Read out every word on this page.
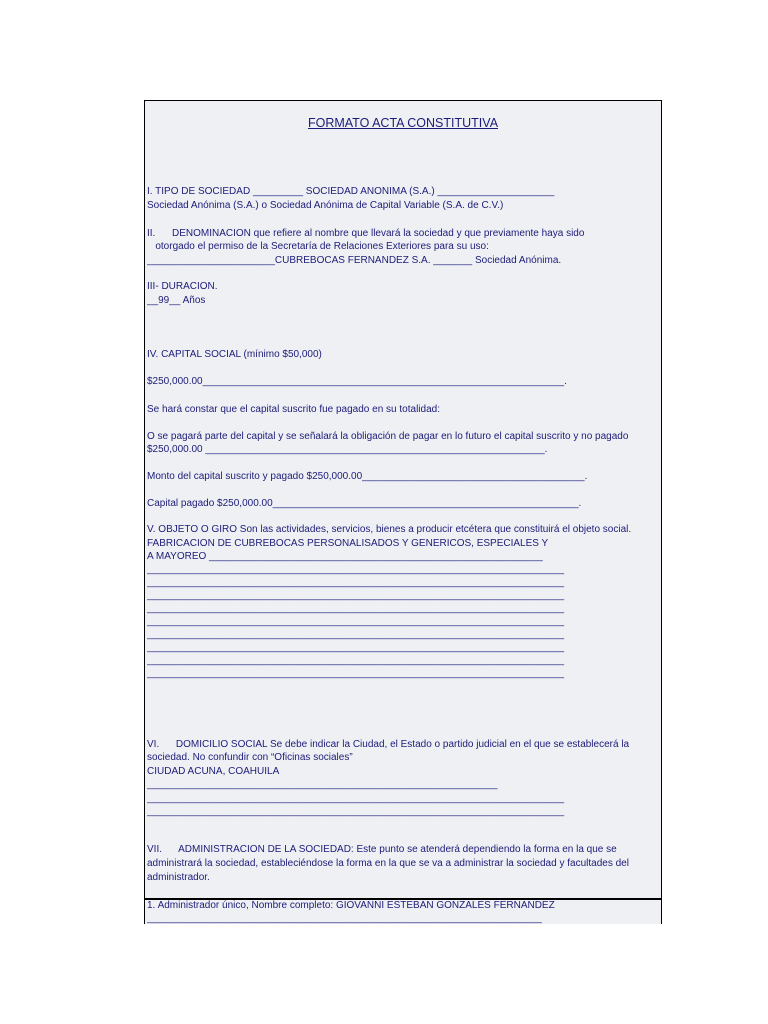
FORMATO ACTA CONSTITUTIVA
I. TIPO DE SOCIEDAD _________ SOCIEDAD ANONIMA (S.A.) _____________________
Sociedad Anónima (S.A.) o Sociedad Anónima de Capital Variable (S.A. de C.V.)
II.      DENOMINACION que refiere al nombre que llevará la sociedad y que previamente haya sido
otorgado el permiso de la Secretaría de Relaciones Exteriores para su uso:
_______________________CUBREBOCAS FERNANDEZ S.A. _______ Sociedad Anónima.
III- DURACION.
__99__ Años
IV. CAPITAL SOCIAL (mínimo $50,000)
$250,000.00_________________________________________________________________.
Se hará constar que el capital suscrito fue pagado en su totalidad:
O se pagará parte del capital y se señalará la obligación de pagar en lo futuro el capital suscrito y no pagado
$250,000.00 _____________________________________________________________.
Monto del capital suscrito y pagado $250,000.00________________________________________.
Capital pagado $250,000.00_______________________________________________________.
V. OBJETO O GIRO Son las actividades, servicios, bienes a producir etcétera que constituirá el objeto social.
FABRICACION DE CUBREBOCAS PERSONALISADOS Y GENERICOS, ESPECIALES Y
A MAYOREO ____________________________________________________________
___________________________________________________________________________
___________________________________________________________________________
___________________________________________________________________________
___________________________________________________________________________
___________________________________________________________________________
___________________________________________________________________________
___________________________________________________________________________
___________________________________________________________________________
___________________________________________________________________________
VI.      DOMICILIO SOCIAL Se debe indicar la Ciudad, el Estado o partido judicial en el que se establecerá la
sociedad. No confundir con “Oficinas sociales”
CIUDAD ACUÑA, COAHUILA
_______________________________________________________________
___________________________________________________________________________
___________________________________________________________________________
VII.      ADMINISTRACION DE LA SOCIEDAD: Este punto se atenderá dependiendo la forma en la que se
administrará la sociedad, estableciéndose la forma en la que se va a administrar la sociedad y facultades del
administrador.
1. Administrador único, Nombre completo: GIOVANNI ESTEBAN GONZALES FERNANDEZ
_______________________________________________________________________
